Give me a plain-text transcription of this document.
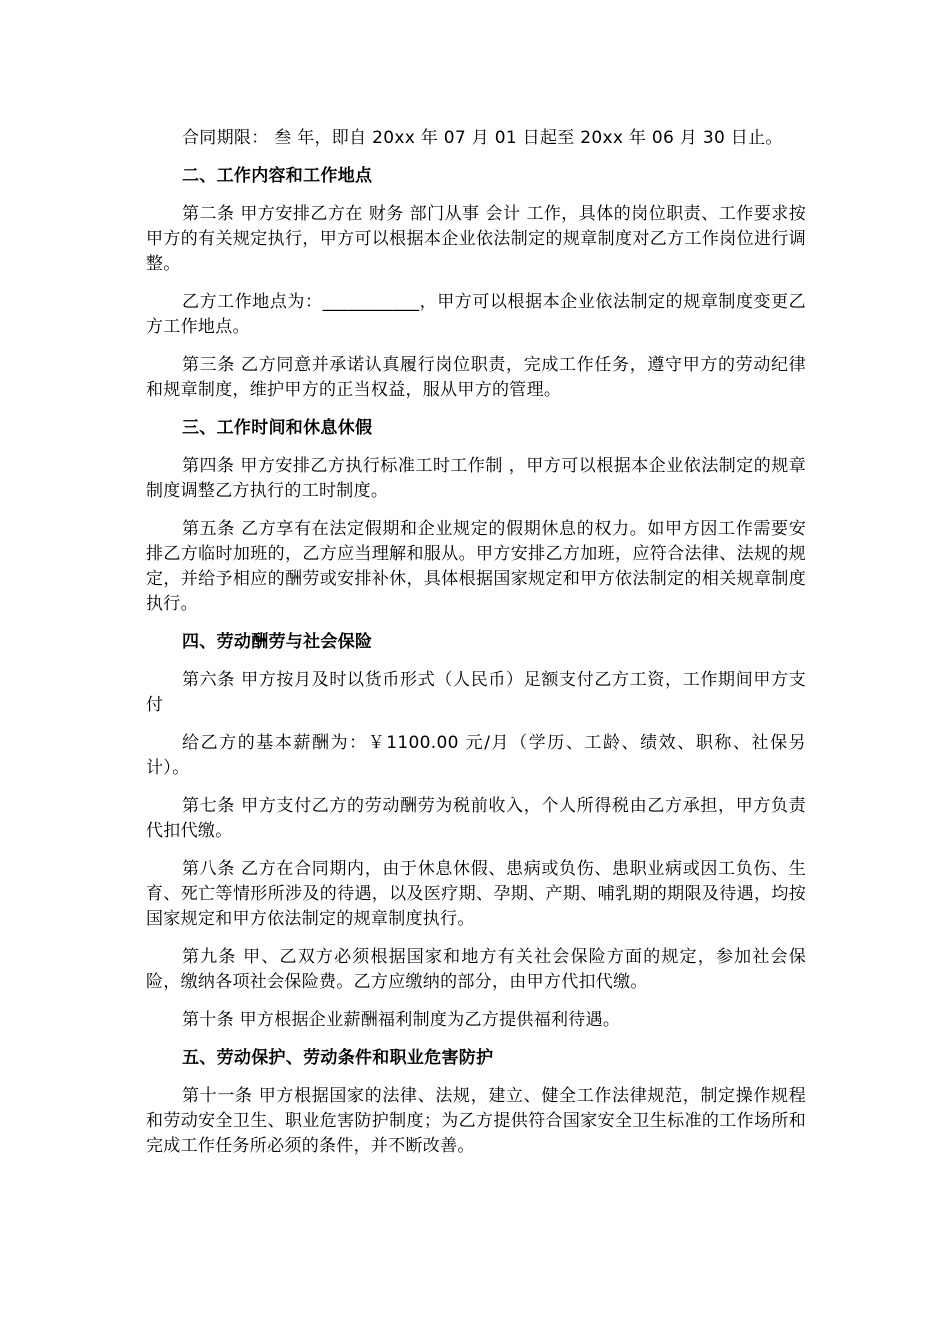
合同期限： 叁 年，即自 20xx 年 07 月 01 日起至 20xx 年 06 月 30 日止。

二、工作内容和工作地点

第二条 甲方安排乙方在 财务 部门从事 会计 工作，具体的岗位职责、工作要求按甲方的有关规定执行，甲方可以根据本企业依法制定的规章制度对乙方工作岗位进行调整。

乙方工作地点为：___________，甲方可以根据本企业依法制定的规章制度变更乙方工作地点。

第三条 乙方同意并承诺认真履行岗位职责，完成工作任务，遵守甲方的劳动纪律和规章制度，维护甲方的正当权益，服从甲方的管理。

三、工作时间和休息休假

第四条 甲方安排乙方执行标准工时工作制 ，甲方可以根据本企业依法制定的规章制度调整乙方执行的工时制度。

第五条 乙方享有在法定假期和企业规定的假期休息的权力。如甲方因工作需要安排乙方临时加班的，乙方应当理解和服从。甲方安排乙方加班，应符合法律、法规的规定，并给予相应的酬劳或安排补休，具体根据国家规定和甲方依法制定的相关规章制度执行。

四、劳动酬劳与社会保险

第六条 甲方按月及时以货币形式（人民币）足额支付乙方工资，工作期间甲方支付

给乙方的基本薪酬为：￥1100.00 元/月（学历、工龄、绩效、职称、社保另计）。

第七条 甲方支付乙方的劳动酬劳为税前收入，个人所得税由乙方承担，甲方负责代扣代缴。

第八条 乙方在合同期内，由于休息休假、患病或负伤、患职业病或因工负伤、生育、死亡等情形所涉及的待遇，以及医疗期、孕期、产期、哺乳期的期限及待遇，均按国家规定和甲方依法制定的规章制度执行。

第九条 甲、乙双方必须根据国家和地方有关社会保险方面的规定，参加社会保险，缴纳各项社会保险费。乙方应缴纳的部分，由甲方代扣代缴。

第十条 甲方根据企业薪酬福利制度为乙方提供福利待遇。

五、劳动保护、劳动条件和职业危害防护

第十一条 甲方根据国家的法律、法规，建立、健全工作法律规范，制定操作规程和劳动安全卫生、职业危害防护制度；为乙方提供符合国家安全卫生标准的工作场所和完成工作任务所必须的条件，并不断改善。
